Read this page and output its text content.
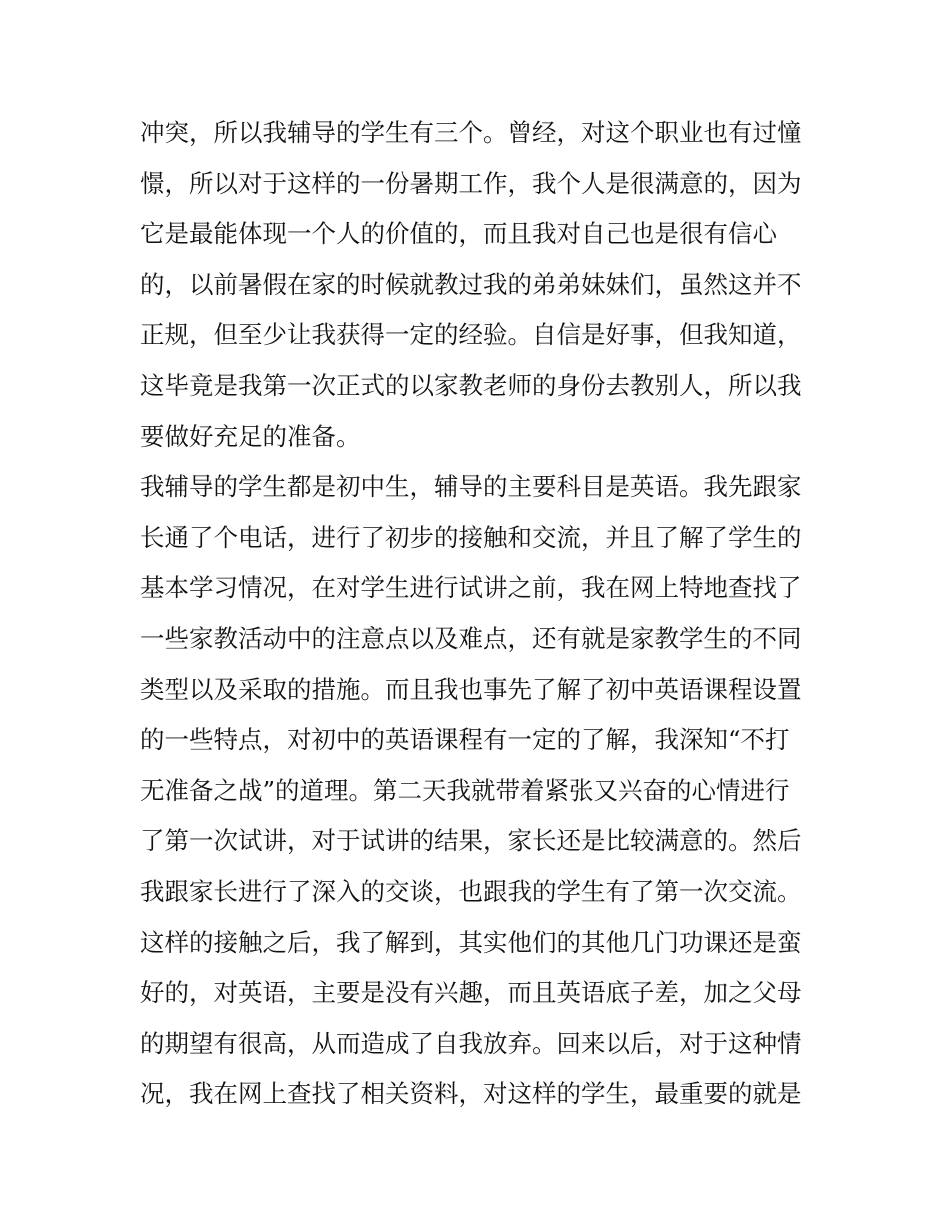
冲突，所以我辅导的学生有三个。曾经，对这个职业也有过憧
憬，所以对于这样的一份暑期工作，我个人是很满意的，因为
它是最能体现一个人的价值的，而且我对自己也是很有信心
的，以前暑假在家的时候就教过我的弟弟妹妹们，虽然这并不
正规，但至少让我获得一定的经验。自信是好事，但我知道，
这毕竟是我第一次正式的以家教老师的身份去教别人，所以我
要做好充足的准备。
我辅导的学生都是初中生，辅导的主要科目是英语。我先跟家
长通了个电话，进行了初步的接触和交流，并且了解了学生的
基本学习情况，在对学生进行试讲之前，我在网上特地查找了
一些家教活动中的注意点以及难点，还有就是家教学生的不同
类型以及采取的措施。而且我也事先了解了初中英语课程设置
的一些特点，对初中的英语课程有一定的了解，我深知“不打
无准备之战”的道理。第二天我就带着紧张又兴奋的心情进行
了第一次试讲，对于试讲的结果，家长还是比较满意的。然后
我跟家长进行了深入的交谈，也跟我的学生有了第一次交流。
这样的接触之后，我了解到，其实他们的其他几门功课还是蛮
好的，对英语，主要是没有兴趣，而且英语底子差，加之父母
的期望有很高，从而造成了自我放弃。回来以后，对于这种情
况，我在网上查找了相关资料，对这样的学生，最重要的就是
